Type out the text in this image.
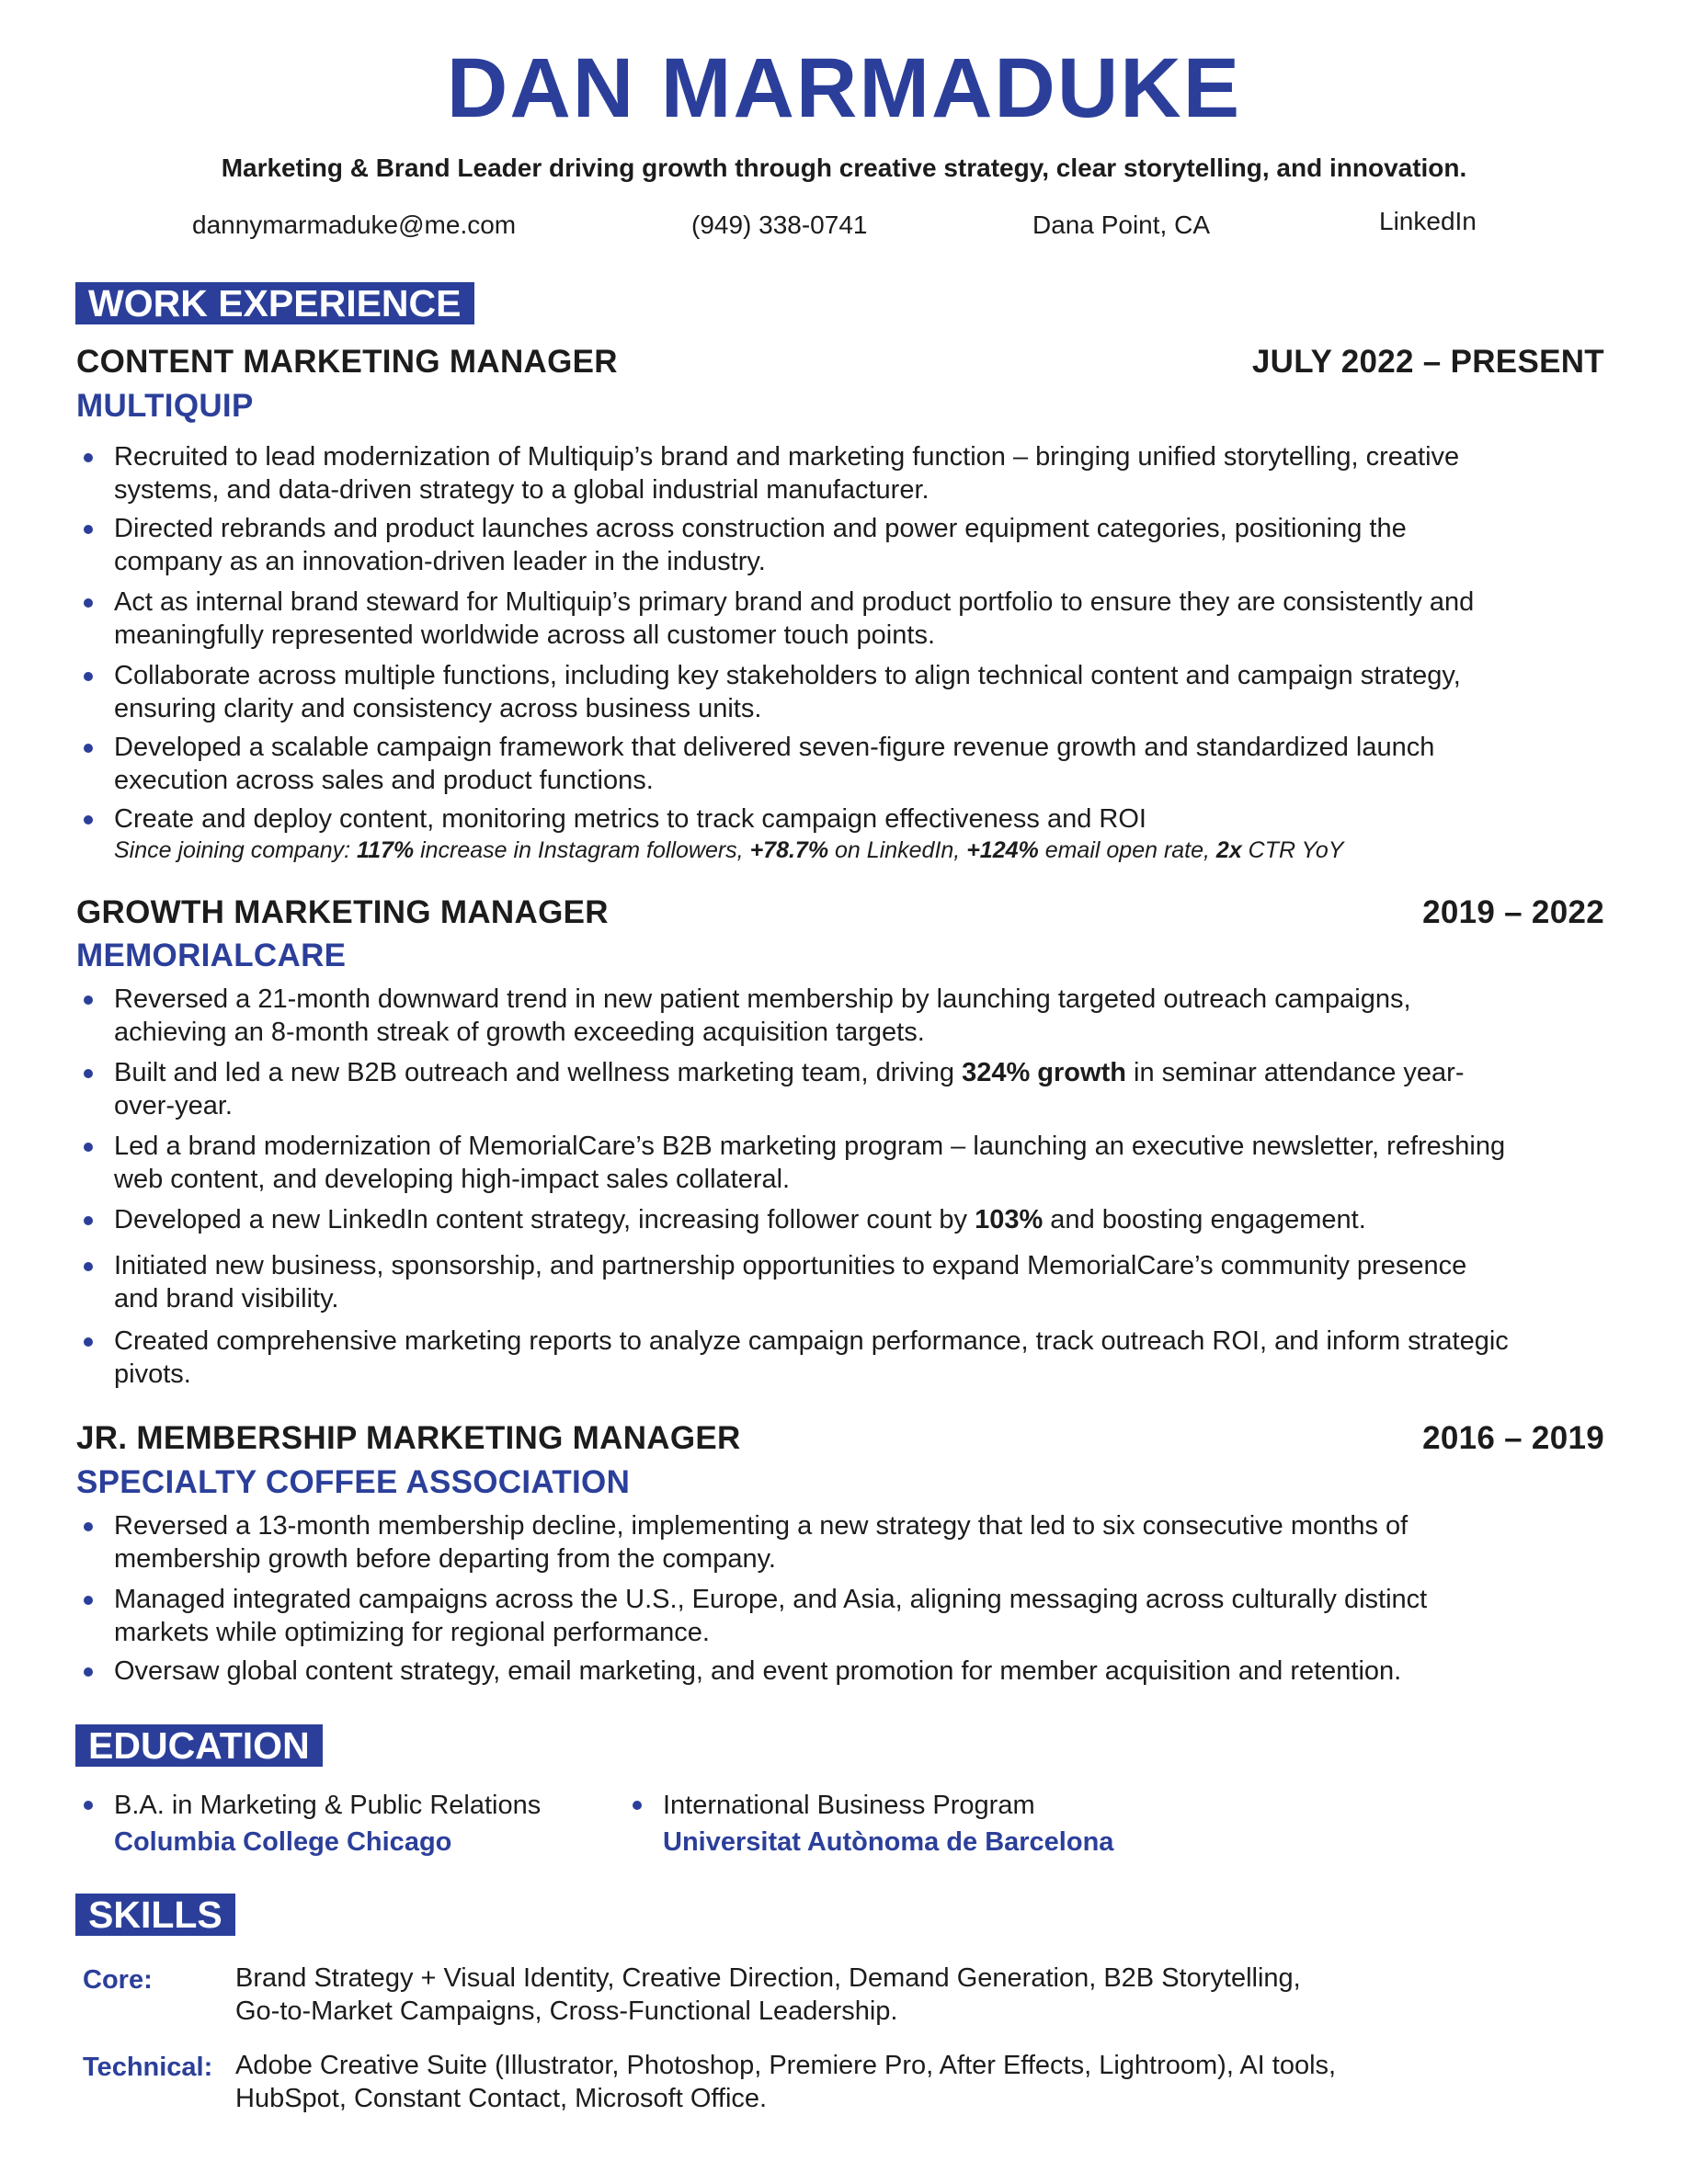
DAN MARMADUKE
Marketing & Brand Leader driving growth through creative strategy, clear storytelling, and innovation.
dannymarmaduke@me.com	(949) 338-0741	Dana Point, CA	LinkedIn
WORK EXPERIENCE
CONTENT MARKETING MANAGER	JULY 2022 – PRESENT
MULTIQUIP
Recruited to lead modernization of Multiquip’s brand and marketing function – bringing unified storytelling, creative systems, and data-driven strategy to a global industrial manufacturer.
Directed rebrands and product launches across construction and power equipment categories, positioning the company as an innovation-driven leader in the industry.
Act as internal brand steward for Multiquip’s primary brand and product portfolio to ensure they are consistently and meaningfully represented worldwide across all customer touch points.
Collaborate across multiple functions, including key stakeholders to align technical content and campaign strategy, ensuring clarity and consistency across business units.
Developed a scalable campaign framework that delivered seven-figure revenue growth and standardized launch execution across sales and product functions.
Create and deploy content, monitoring metrics to track campaign effectiveness and ROI
Since joining company: 117% increase in Instagram followers, +78.7% on LinkedIn, +124% email open rate, 2x CTR YoY
GROWTH MARKETING MANAGER	2019 – 2022
MEMORIALCARE
Reversed a 21-month downward trend in new patient membership by launching targeted outreach campaigns, achieving an 8-month streak of growth exceeding acquisition targets.
Built and led a new B2B outreach and wellness marketing team, driving 324% growth in seminar attendance year-over-year.
Led a brand modernization of MemorialCare’s B2B marketing program – launching an executive newsletter, refreshing web content, and developing high-impact sales collateral.
Developed a new LinkedIn content strategy, increasing follower count by 103% and boosting engagement.
Initiated new business, sponsorship, and partnership opportunities to expand MemorialCare’s community presence and brand visibility.
Created comprehensive marketing reports to analyze campaign performance, track outreach ROI, and inform strategic pivots.
JR. MEMBERSHIP MARKETING MANAGER	2016 – 2019
SPECIALTY COFFEE ASSOCIATION
Reversed a 13-month membership decline, implementing a new strategy that led to six consecutive months of membership growth before departing from the company.
Managed integrated campaigns across the U.S., Europe, and Asia, aligning messaging across culturally distinct markets while optimizing for regional performance.
Oversaw global content strategy, email marketing, and event promotion for member acquisition and retention.
EDUCATION
B.A. in Marketing & Public Relations
Columbia College Chicago
International Business Program
Universitat Autònoma de Barcelona
SKILLS
Core:	Brand Strategy + Visual Identity, Creative Direction, Demand Generation, B2B Storytelling, Go-to-Market Campaigns, Cross-Functional Leadership.
Technical: Adobe Creative Suite (Illustrator, Photoshop, Premiere Pro, After Effects, Lightroom), AI tools, HubSpot, Constant Contact, Microsoft Office.
